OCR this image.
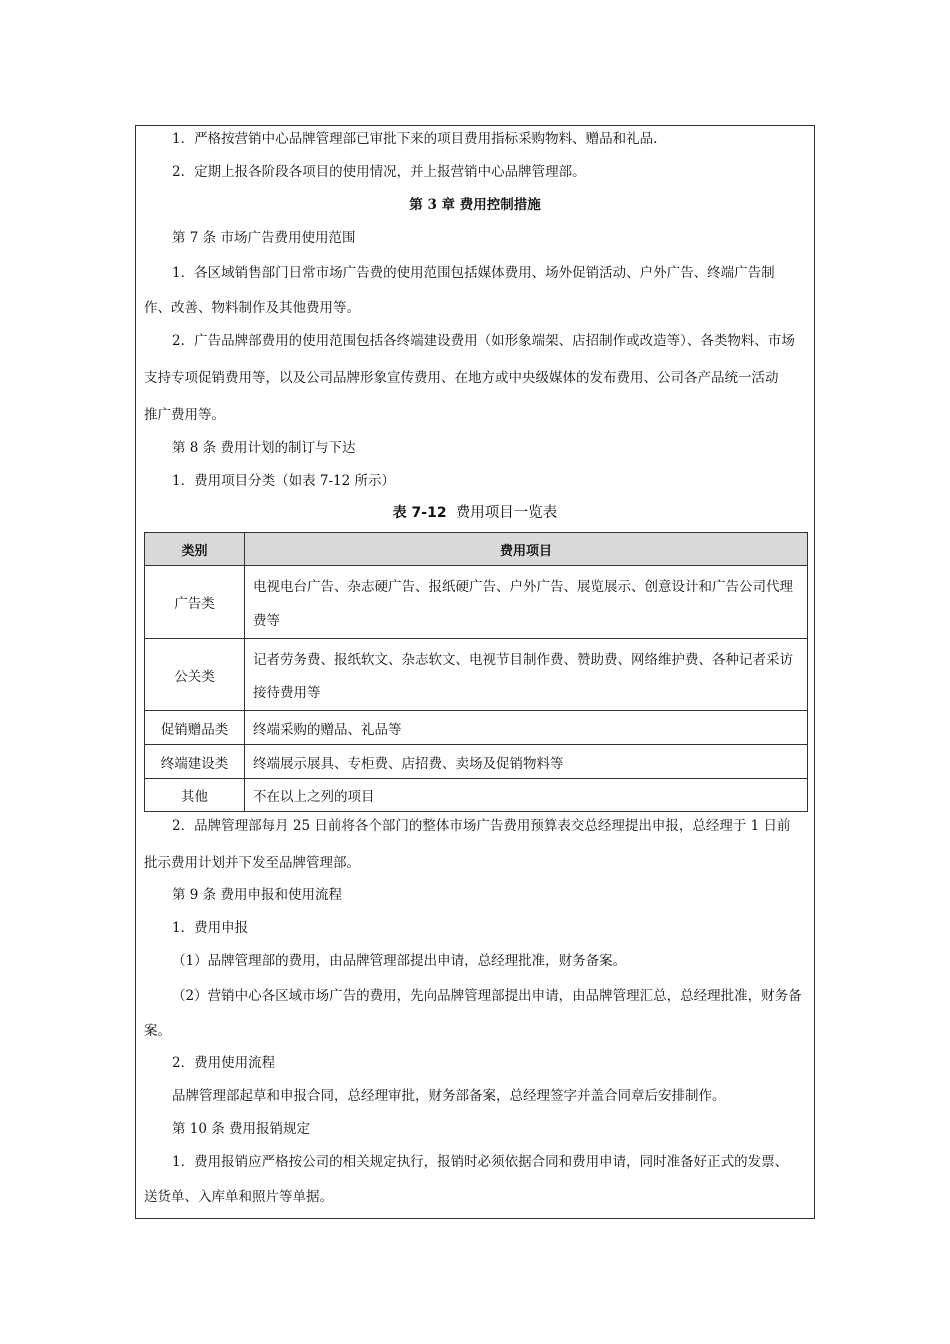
1．严格按营销中心品牌管理部已审批下来的项目费用指标采购物料、赠品和礼品.

2．定期上报各阶段各项目的使用情况，并上报营销中心品牌管理部。

第 3 章 费用控制措施

第 7 条 市场广告费用使用范围

1．各区域销售部门日常市场广告费的使用范围包括媒体费用、场外促销活动、户外广告、终端广告制

作、改善、物料制作及其他费用等。

2．广告品牌部费用的使用范围包括各终端建设费用（如形象端架、店招制作或改造等）、各类物料、市场

支持专项促销费用等，以及公司品牌形象宣传费用、在地方或中央级媒体的发布费用、公司各产品统一活动

推广费用等。

第 8 条 费用计划的制订与下达

1．费用项目分类（如表 7-12 所示）

表 7-12 费用项目一览表

类别	费用项目
广告类	电视电台广告、杂志硬广告、报纸硬广告、户外广告、展览展示、创意设计和广告公司代理
费等

公关类	记者劳务费、报纸软文、杂志软文、电视节目制作费、赞助费、网络维护费、各种记者采访
接待费用等

促销赠品类	终端采购的赠品、礼品等
终端建设类	终端展示展具、专柜费、店招费、卖场及促销物料等
其他	不在以上之列的项目

2．品牌管理部每月 25 日前将各个部门的整体市场广告费用预算表交总经理提出申报，总经理于 1 日前

批示费用计划并下发至品牌管理部。

第 9 条 费用申报和使用流程

1．费用申报

（1）品牌管理部的费用，由品牌管理部提出申请，总经理批准，财务备案。

（2）营销中心各区域市场广告的费用，先向品牌管理部提出申请，由品牌管理汇总，总经理批准，财务备

案。

2．费用使用流程

品牌管理部起草和申报合同，总经理审批，财务部备案，总经理签字并盖合同章后安排制作。

第 10 条 费用报销规定

1．费用报销应严格按公司的相关规定执行，报销时必须依据合同和费用申请，同时准备好正式的发票、

送货单、入库单和照片等单据。
